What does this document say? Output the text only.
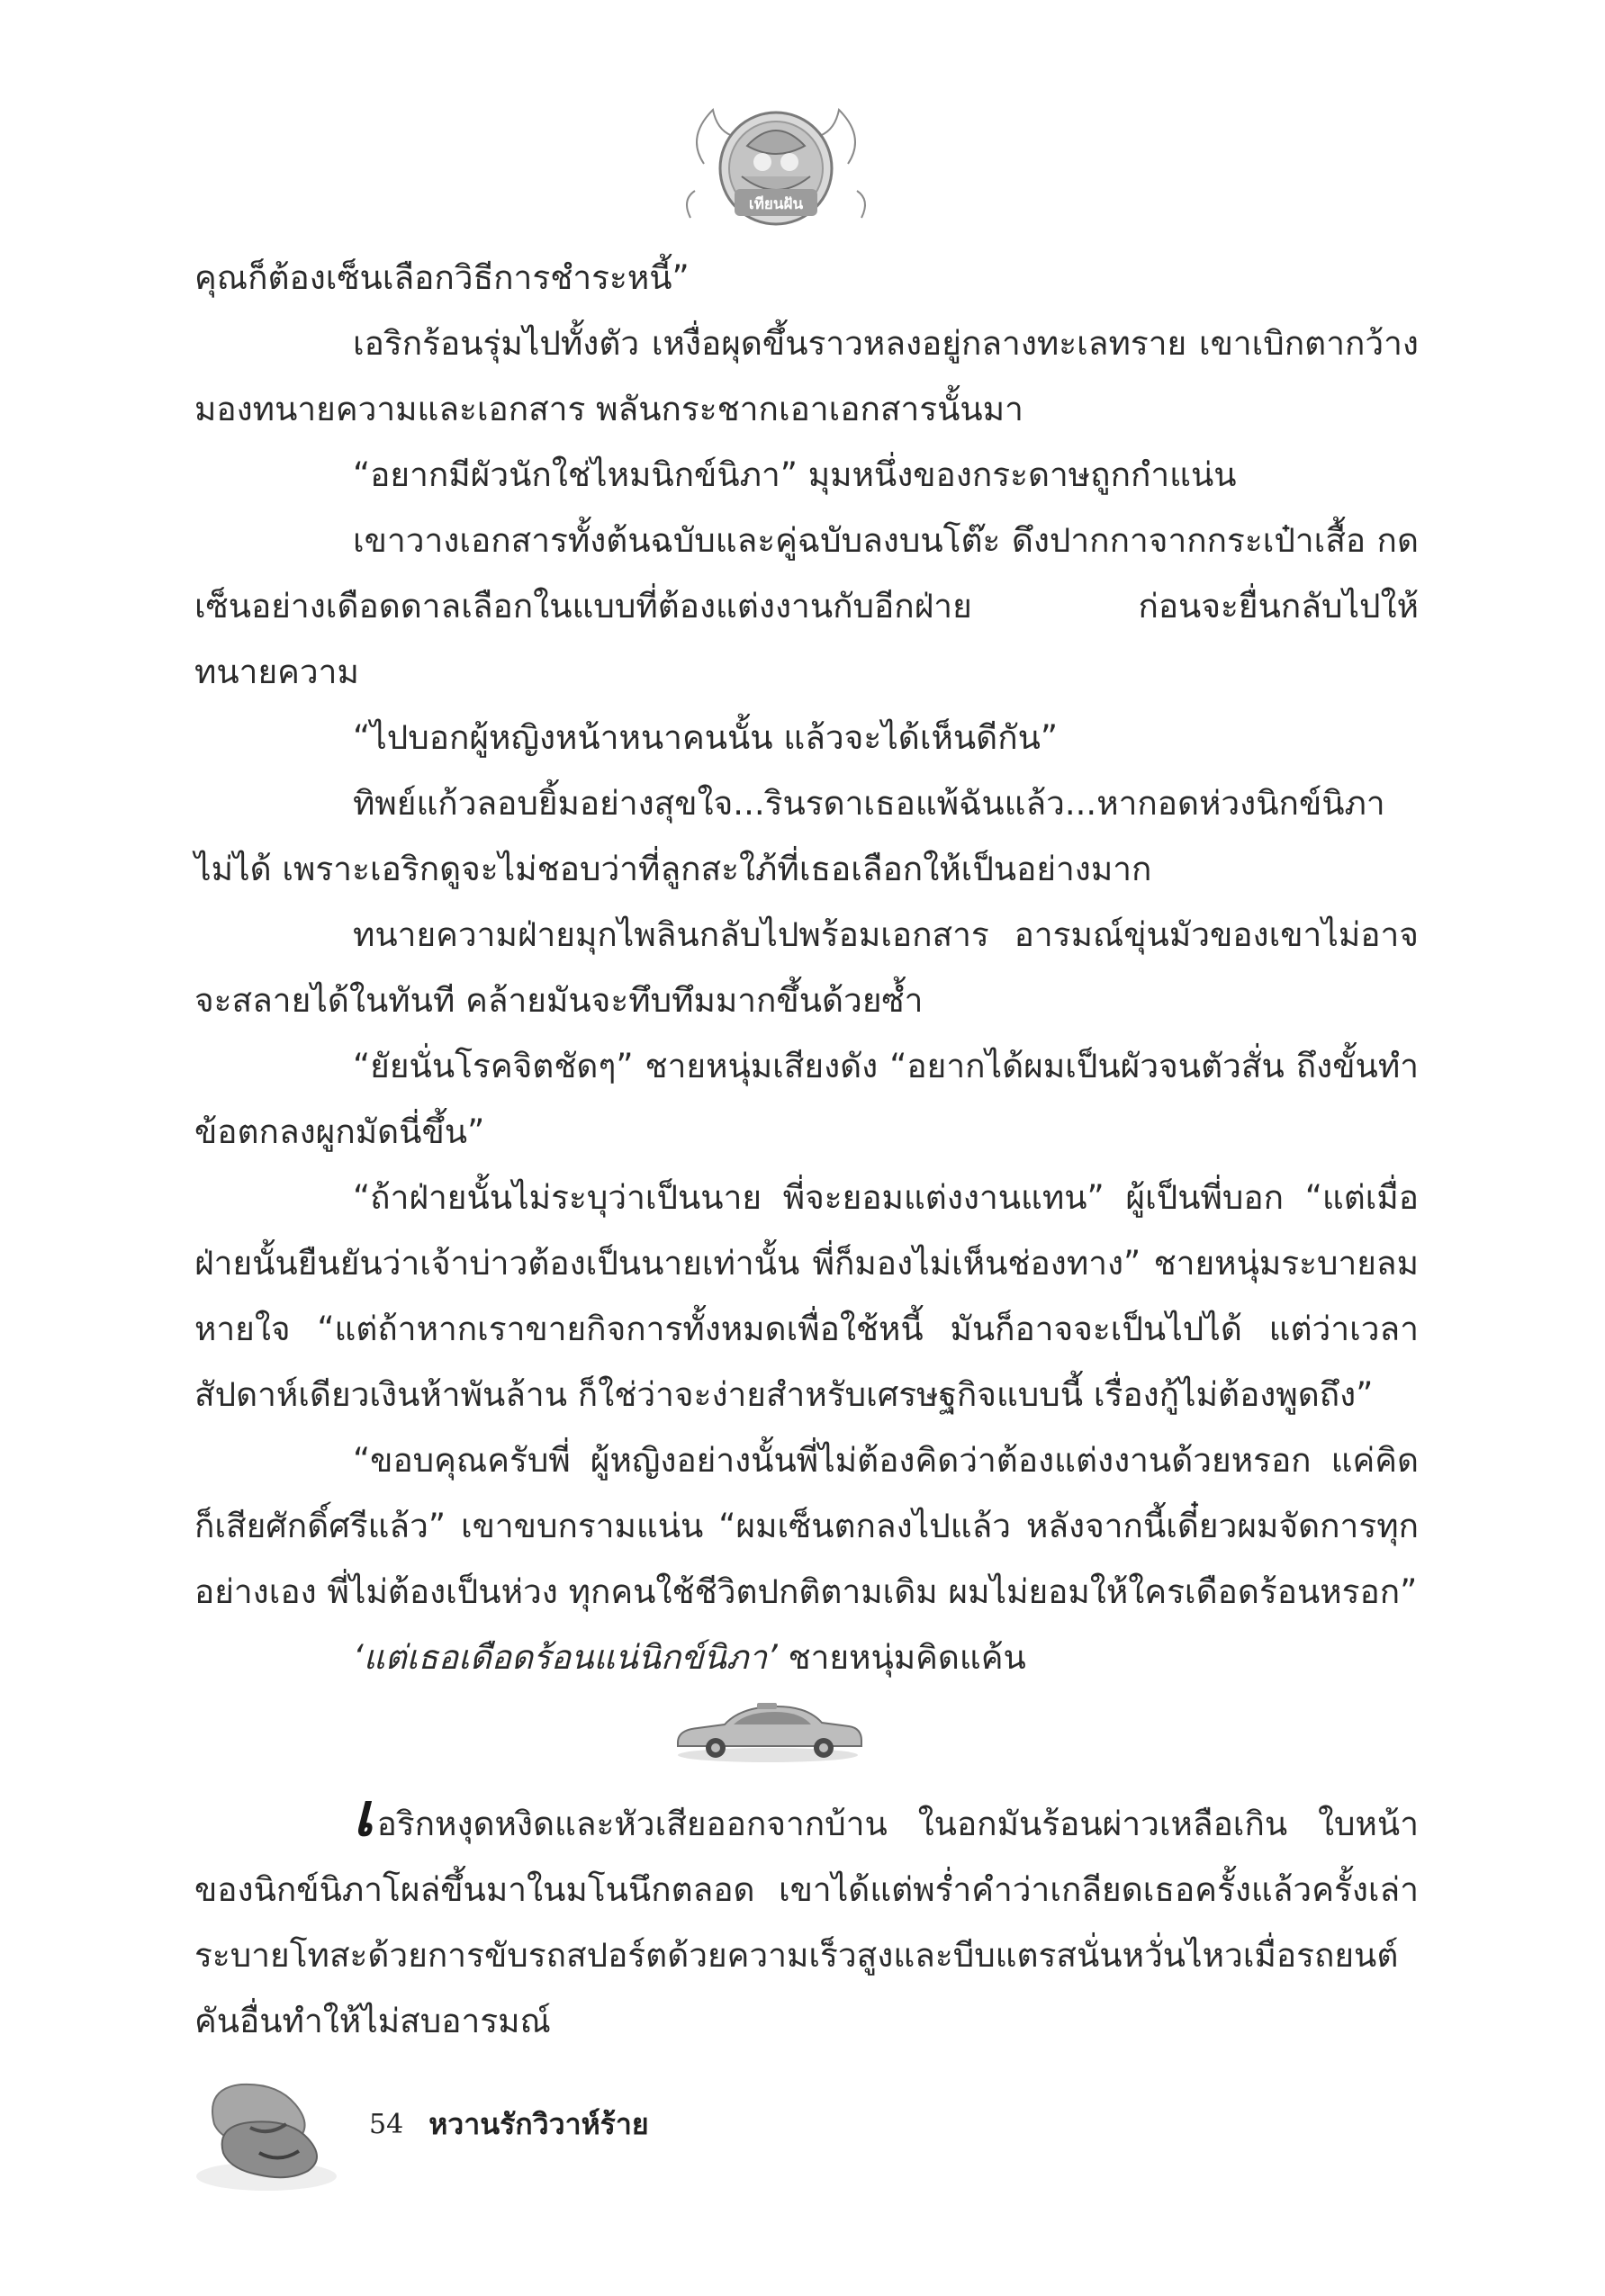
เทียนฝัน

คุณก็ต้องเซ็นเลือกวิธีการชำระหนี้”

เอริกร้อนรุ่มไปทั้งตัว เหงื่อผุดขึ้นราวหลงอยู่กลางทะเลทราย เขาเบิกตากว้างมองทนายความและเอกสาร พลันกระชากเอาเอกสารนั้นมา

“อยากมีผัวนักใช่ไหมนิกข์นิภา” มุมหนึ่งของกระดาษถูกกำแน่น

เขาวางเอกสารทั้งต้นฉบับและคู่ฉบับลงบนโต๊ะ ดึงปากกาจากกระเป๋าเสื้อ กดเซ็นอย่างเดือดดาลเลือกในแบบที่ต้องแต่งงานกับอีกฝ่าย ก่อนจะยื่นกลับไปให้ทนายความ

“ไปบอกผู้หญิงหน้าหนาคนนั้น แล้วจะได้เห็นดีกัน”

ทิพย์แก้วลอบยิ้มอย่างสุขใจ...รินรดาเธอแพ้ฉันแล้ว...หากอดห่วงนิกข์นิภาไม่ได้ เพราะเอริกดูจะไม่ชอบว่าที่ลูกสะใภ้ที่เธอเลือกให้เป็นอย่างมาก

ทนายความฝ่ายมุกไพลินกลับไปพร้อมเอกสาร อารมณ์ขุ่นมัวของเขาไม่อาจจะสลายได้ในทันที คล้ายมันจะทึบทึมมากขึ้นด้วยซ้ำ

“ยัยนั่นโรคจิตชัดๆ” ชายหนุ่มเสียงดัง “อยากได้ผมเป็นผัวจนตัวสั่น ถึงขั้นทำข้อตกลงผูกมัดนี่ขึ้น”

“ถ้าฝ่ายนั้นไม่ระบุว่าเป็นนาย พี่จะยอมแต่งงานแทน” ผู้เป็นพี่บอก “แต่เมื่อฝ่ายนั้นยืนยันว่าเจ้าบ่าวต้องเป็นนายเท่านั้น พี่ก็มองไม่เห็นช่องทาง” ชายหนุ่มระบายลมหายใจ “แต่ถ้าหากเราขายกิจการทั้งหมดเพื่อใช้หนี้ มันก็อาจจะเป็นไปได้ แต่ว่าเวลาสัปดาห์เดียวเงินห้าพันล้าน ก็ใช่ว่าจะง่ายสำหรับเศรษฐกิจแบบนี้ เรื่องกู้ไม่ต้องพูดถึง”

“ขอบคุณครับพี่ ผู้หญิงอย่างนั้นพี่ไม่ต้องคิดว่าต้องแต่งงานด้วยหรอก แค่คิดก็เสียศักดิ์ศรีแล้ว” เขาขบกรามแน่น “ผมเซ็นตกลงไปแล้ว หลังจากนี้เดี๋ยวผมจัดการทุกอย่างเอง พี่ไม่ต้องเป็นห่วง ทุกคนใช้ชีวิตปกติตามเดิม ผมไม่ยอมให้ใครเดือดร้อนหรอก”

‘แต่เธอเดือดร้อนแน่นิกข์นิภา’ ชายหนุ่มคิดแค้น

เอริกหงุดหงิดและหัวเสียออกจากบ้าน ในอกมันร้อนผ่าวเหลือเกิน ใบหน้าของนิกข์นิภาโผล่ขึ้นมาในมโนนึกตลอด เขาได้แต่พร่ำคำว่าเกลียดเธอครั้งแล้วครั้งเล่า ระบายโทสะด้วยการขับรถสปอร์ตด้วยความเร็วสูงและบีบแตรสนั่นหวั่นไหวเมื่อรถยนต์คันอื่นทำให้ไม่สบอารมณ์

54 หวานรักวิวาห์ร้าย
